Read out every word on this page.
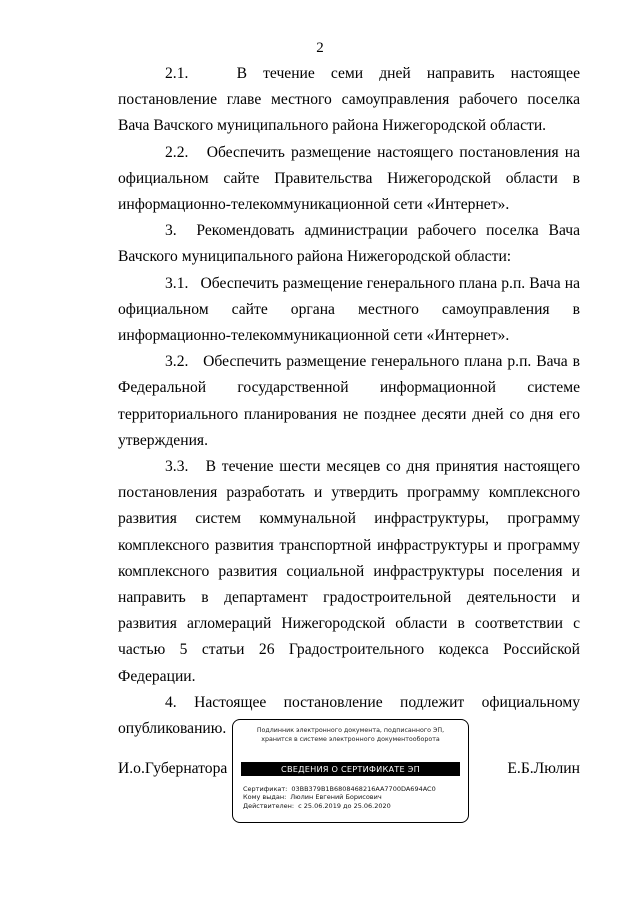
2

2.1.	В течение семи дней направить настоящее постановление главе местного самоуправления рабочего поселка Вача Вачского муниципального района Нижегородской области.

2.2. Обеспечить размещение настоящего постановления на официальном сайте Правительства Нижегородской области в информационно-телекоммуникационной сети «Интернет».

3. Рекомендовать администрации рабочего поселка Вача Вачского муниципального района Нижегородской области:

3.1. Обеспечить размещение генерального плана р.п. Вача на официальном сайте органа местного самоуправления в информационно-телекоммуникационной сети «Интернет».

3.2. Обеспечить размещение генерального плана р.п. Вача в Федеральной государственной информационной системе территориального планирования не позднее десяти дней со дня его утверждения.

3.3. В течение шести месяцев со дня принятия настоящего постановления разработать и утвердить программу комплексного развития систем коммунальной инфраструктуры, программу комплексного развития транспортной инфраструктуры и программу комплексного развития социальной инфраструктуры поселения и направить в департамент градостроительной деятельности и развития агломераций Нижегородской области в соответствии с частью 5 статьи 26 Градостроительного кодекса Российской Федерации.

4. Настоящее постановление подлежит официальному опубликованию.

И.о.Губернатора	Е.Б.Люлин
Подлинник электронного документа, подписанного ЭП,
хранится в системе электронного документооборота
СВЕДЕНИЯ О СЕРТИФИКАТЕ ЭП
Сертификат: 03BB379B1B6808468216AA7700DA694AC0
Кому выдан: Люлин Евгений Борисович
Действителен: с 25.06.2019 до 25.06.2020
